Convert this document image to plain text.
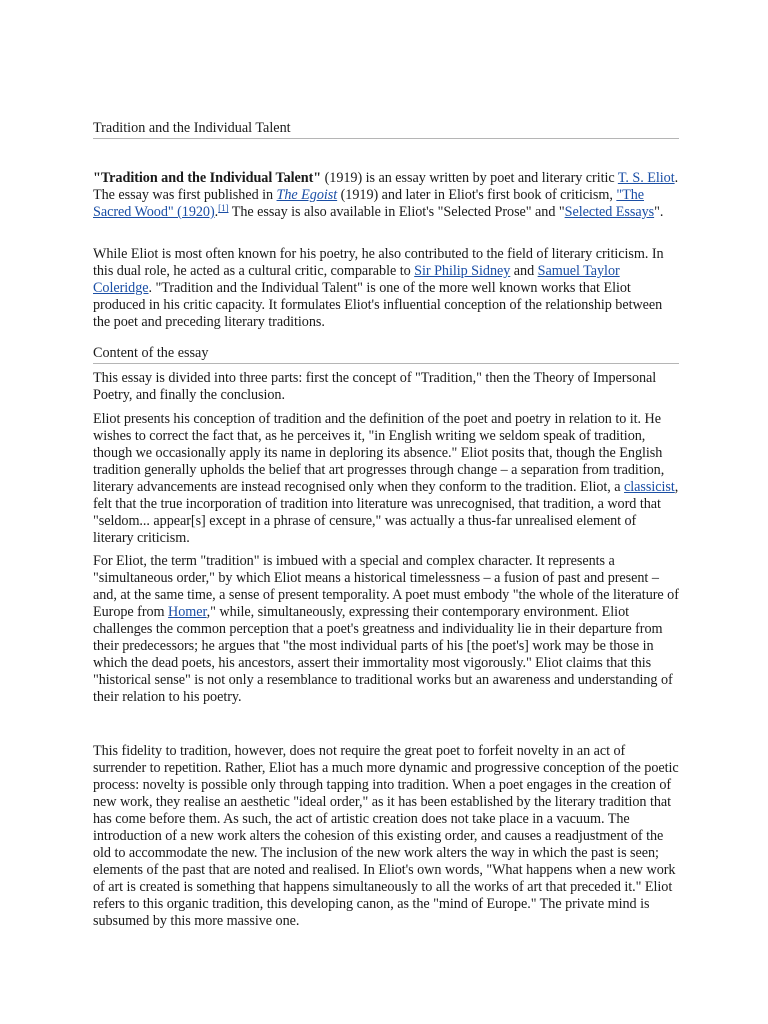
Tradition and the Individual Talent

"Tradition and the Individual Talent" (1919) is an essay written by poet and literary critic T. S. Eliot. The essay was first published in The Egoist (1919) and later in Eliot's first book of criticism, "The Sacred Wood" (1920).[1] The essay is also available in Eliot's "Selected Prose" and "Selected Essays".

While Eliot is most often known for his poetry, he also contributed to the field of literary criticism. In this dual role, he acted as a cultural critic, comparable to Sir Philip Sidney and Samuel Taylor Coleridge. "Tradition and the Individual Talent" is one of the more well known works that Eliot produced in his critic capacity. It formulates Eliot's influential conception of the relationship between the poet and preceding literary traditions.

Content of the essay

This essay is divided into three parts: first the concept of "Tradition," then the Theory of Impersonal Poetry, and finally the conclusion.

Eliot presents his conception of tradition and the definition of the poet and poetry in relation to it. He wishes to correct the fact that, as he perceives it, "in English writing we seldom speak of tradition, though we occasionally apply its name in deploring its absence." Eliot posits that, though the English tradition generally upholds the belief that art progresses through change – a separation from tradition, literary advancements are instead recognised only when they conform to the tradition. Eliot, a classicist, felt that the true incorporation of tradition into literature was unrecognised, that tradition, a word that "seldom... appear[s] except in a phrase of censure," was actually a thus-far unrealised element of literary criticism.

For Eliot, the term "tradition" is imbued with a special and complex character. It represents a "simultaneous order," by which Eliot means a historical timelessness – a fusion of past and present – and, at the same time, a sense of present temporality. A poet must embody "the whole of the literature of Europe from Homer," while, simultaneously, expressing their contemporary environment. Eliot challenges the common perception that a poet's greatness and individuality lie in their departure from their predecessors; he argues that "the most individual parts of his [the poet's] work may be those in which the dead poets, his ancestors, assert their immortality most vigorously." Eliot claims that this "historical sense" is not only a resemblance to traditional works but an awareness and understanding of their relation to his poetry.

This fidelity to tradition, however, does not require the great poet to forfeit novelty in an act of surrender to repetition. Rather, Eliot has a much more dynamic and progressive conception of the poetic process: novelty is possible only through tapping into tradition. When a poet engages in the creation of new work, they realise an aesthetic "ideal order," as it has been established by the literary tradition that has come before them. As such, the act of artistic creation does not take place in a vacuum. The introduction of a new work alters the cohesion of this existing order, and causes a readjustment of the old to accommodate the new. The inclusion of the new work alters the way in which the past is seen; elements of the past that are noted and realised. In Eliot's own words, "What happens when a new work of art is created is something that happens simultaneously to all the works of art that preceded it." Eliot refers to this organic tradition, this developing canon, as the "mind of Europe." The private mind is subsumed by this more massive one.
